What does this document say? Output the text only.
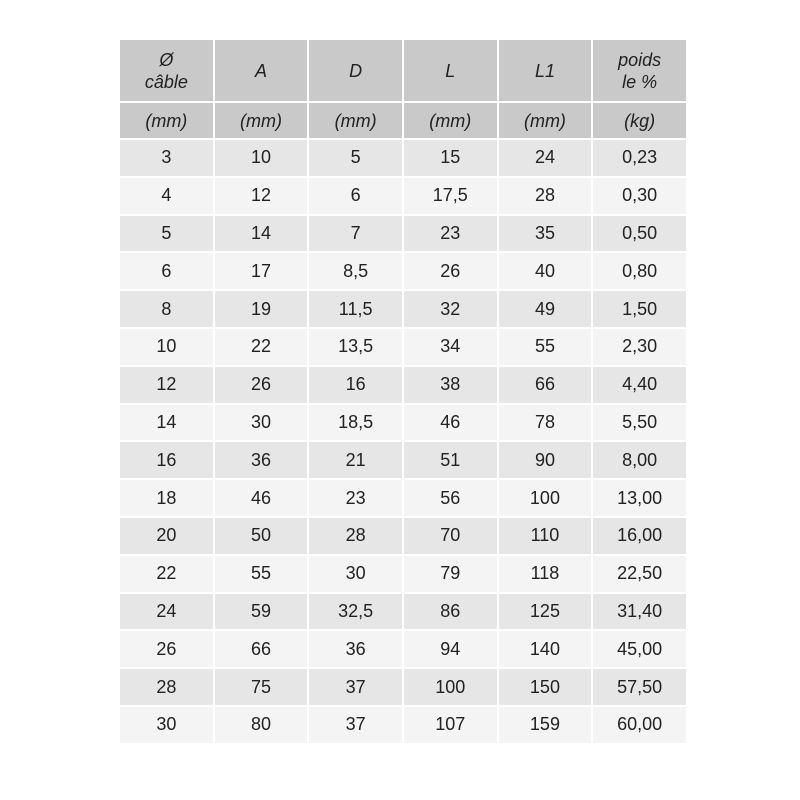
Ø
câble	A	D	L	L1	poids
le %

(mm)	(mm)	(mm)	(mm)	(mm)	(kg)
3	10	5	15	24	0,23
4	12	6	17,5	28	0,30
5	14	7	23	35	0,50
6	17	8,5	26	40	0,80
8	19	11,5	32	49	1,50
10	22	13,5	34	55	2,30
12	26	16	38	66	4,40
14	30	18,5	46	78	5,50
16	36	21	51	90	8,00
18	46	23	56	100	13,00
20	50	28	70	110	16,00
22	55	30	79	118	22,50
24	59	32,5	86	125	31,40
26	66	36	94	140	45,00
28	75	37	100	150	57,50
30	80	37	107	159	60,00
